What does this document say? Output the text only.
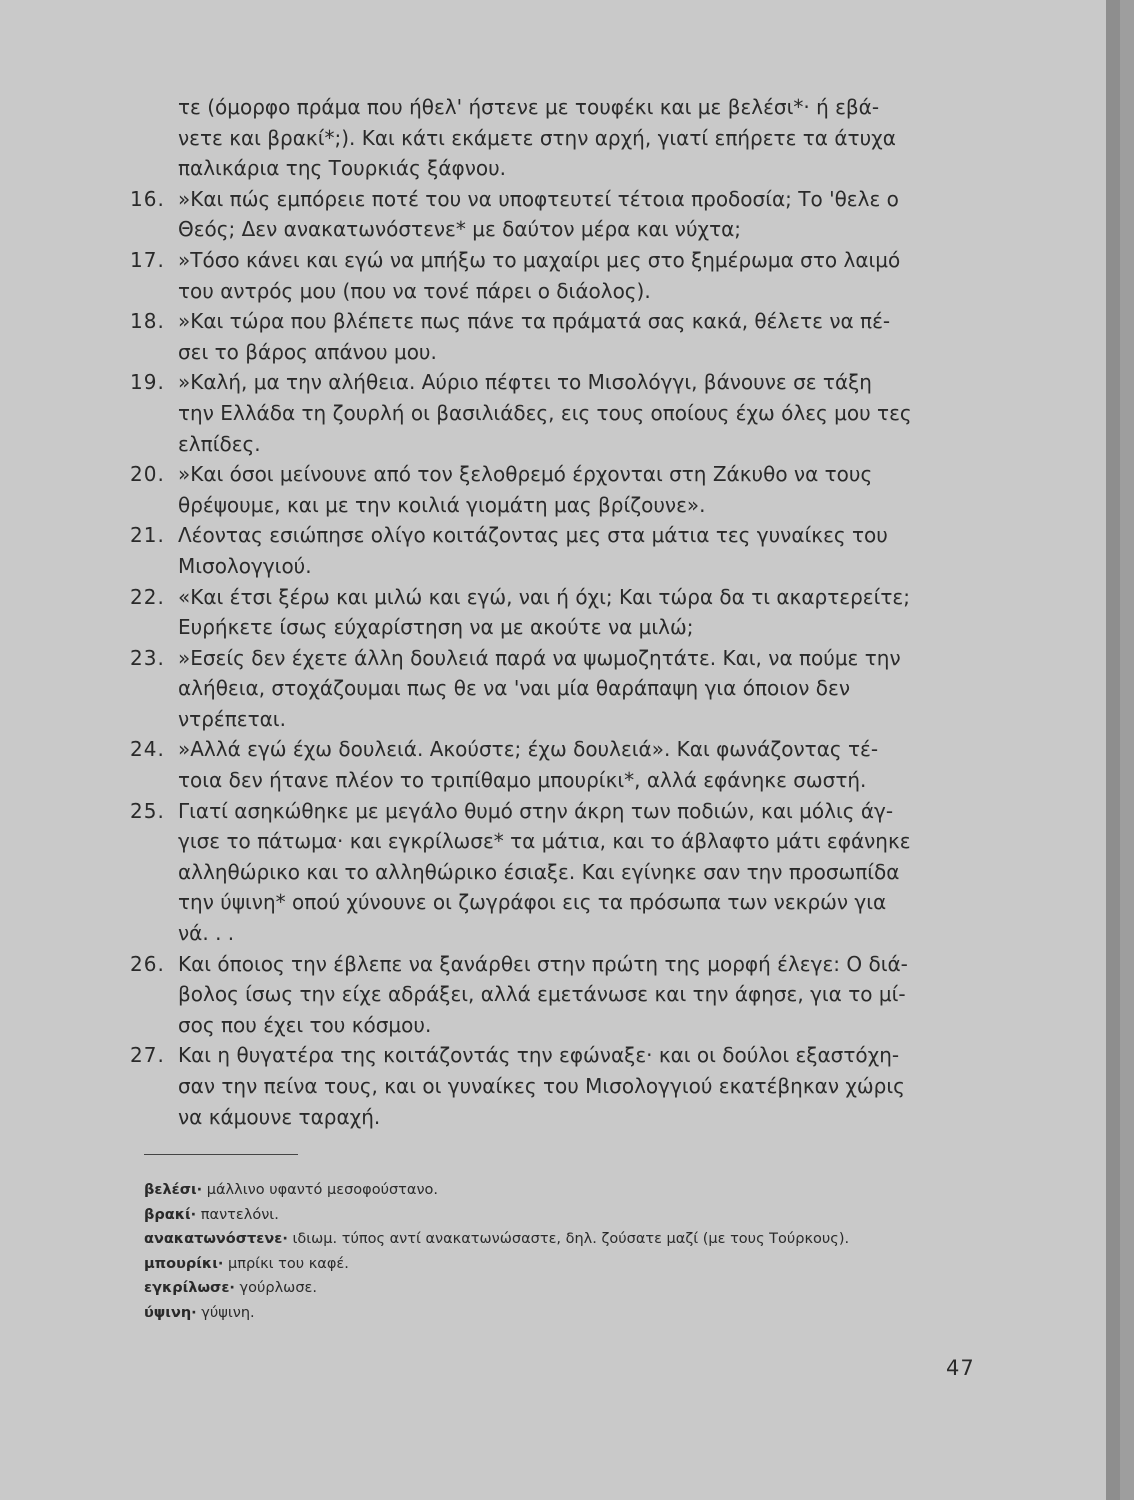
τε (όμορφο πράμα που ήθελ' ήστενε με τουφέκι και με βελέσι*· ή εβά-
νετε και βρακί*;). Και κάτι εκάμετε στην αρχή, γιατί επήρετε τα άτυχα
παλικάρια της Τουρκιάς ξάφνου.
16. »Και πώς εμπόρειε ποτέ του να υποφτευτεί τέτοια προδοσία; Το 'θελε ο
Θεός; Δεν ανακατωνόστενε* με δαύτον μέρα και νύχτα;
17. »Τόσο κάνει και εγώ να μπήξω το μαχαίρι μες στο ξημέρωμα στο λαιμό
του αντρός μου (που να τονέ πάρει ο διάολος).
18. »Και τώρα που βλέπετε πως πάνε τα πράματά σας κακά, θέλετε να πέ-
σει το βάρος απάνου μου.
19. »Καλή, μα την αλήθεια. Αύριο πέφτει το Μισολόγγι, βάνουνε σε τάξη
την Ελλάδα τη ζουρλή οι βασιλιάδες, εις τους οποίους έχω όλες μου τες
ελπίδες.
20. »Και όσοι μείνουνε από τον ξελοθρεμό έρχονται στη Ζάκυθο να τους
θρέψουμε, και με την κοιλιά γιομάτη μας βρίζουνε».
21. Λέοντας εσιώπησε ολίγο κοιτάζοντας μες στα μάτια τες γυναίκες του
Μισολογγιού.
22. «Και έτσι ξέρω και μιλώ και εγώ, ναι ή όχι; Και τώρα δα τι ακαρτερείτε;
Ευρήκετε ίσως εύχαρίστηση να με ακούτε να μιλώ;
23. »Εσείς δεν έχετε άλλη δουλειά παρά να ψωμοζητάτε. Και, να πούμε την
αλήθεια, στοχάζουμαι πως θε να 'ναι μία θαράπαψη για όποιον δεν
ντρέπεται.
24. »Αλλά εγώ έχω δουλειά. Ακούστε; έχω δουλειά». Και φωνάζοντας τέ-
τοια δεν ήτανε πλέον το τριπίθαμο μπουρίκι*, αλλά εφάνηκε σωστή.
25. Γιατί ασηκώθηκε με μεγάλο θυμό στην άκρη των ποδιών, και μόλις άγ-
γισε το πάτωμα· και εγκρίλωσε* τα μάτια, και το άβλαφτο μάτι εφάνηκε
αλληθώρικο και το αλληθώρικο έσιαξε. Και εγίνηκε σαν την προσωπίδα
την ύψινη* οπού χύνουνε οι ζωγράφοι εις τα πρόσωπα των νεκρών για
νά. . .
26. Και όποιος την έβλεπε να ξανάρθει στην πρώτη της μορφή έλεγε: Ο διά-
βολος ίσως την είχε αδράξει, αλλά εμετάνωσε και την άφησε, για το μί-
σος που έχει του κόσμου.
27. Και η θυγατέρα της κοιτάζοντάς την εφώναξε· και οι δούλοι εξαστόχη-
σαν την πείνα τους, και οι γυναίκες του Μισολογγιού εκατέβηκαν χώρις
να κάμουνε ταραχή.
βελέσι· μάλλινο υφαντό μεσοφούστανο.
βρακί· παντελόνι.
ανακατωνόστενε· ιδιωμ. τύπος αντί ανακατωνώσαστε, δηλ. ζούσατε μαζί (με τους Τούρκους).
μπουρίκι· μπρίκι του καφέ.
εγκρίλωσε· γούρλωσε.
ύψινη· γύψινη.
47
